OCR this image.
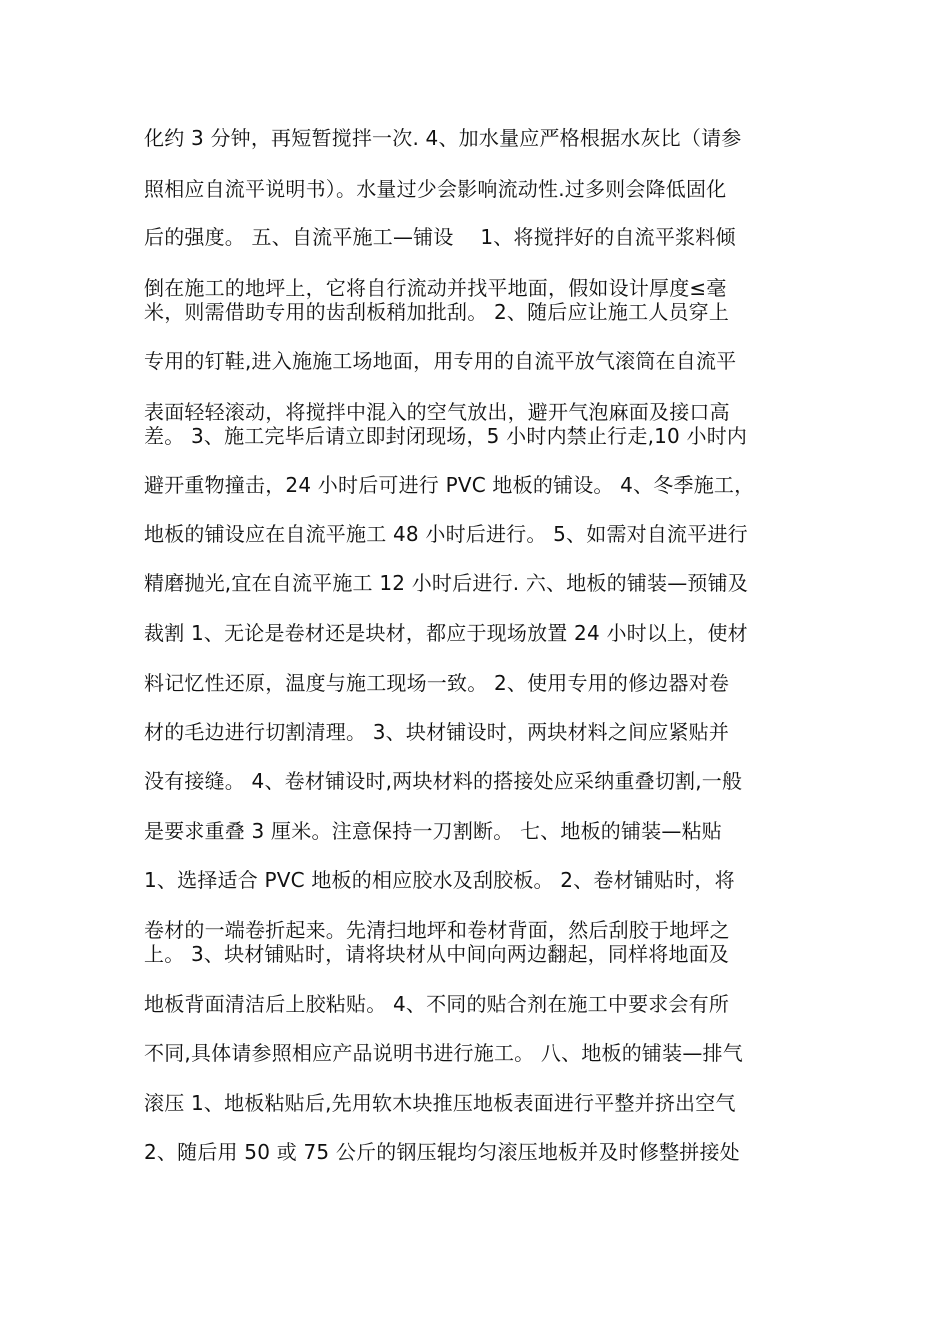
化约 3 分钟，再短暂搅拌一次. 4、加水量应严格根据水灰比（请参
照相应自流平说明书）。水量过少会影响流动性.过多则会降低固化
后的强度。 五、自流平施工—铺设　 1、将搅拌好的自流平浆料倾
倒在施工的地坪上，它将自行流动并找平地面，假如设计厚度≤毫
米，则需借助专用的齿刮板稍加批刮。 2、随后应让施工人员穿上
专用的钉鞋,进入施施工场地面，用专用的自流平放气滚筒在自流平
表面轻轻滚动，将搅拌中混入的空气放出，避开气泡麻面及接口高
差。 3、施工完毕后请立即封闭现场，5 小时内禁止行走,10 小时内
避开重物撞击，24 小时后可进行 PVC 地板的铺设。 4、冬季施工，
地板的铺设应在自流平施工 48 小时后进行。 5、如需对自流平进行
精磨抛光,宜在自流平施工 12 小时后进行. 六、地板的铺装—预铺及
裁割 1、无论是卷材还是块材，都应于现场放置 24 小时以上，使材
料记忆性还原，温度与施工现场一致。 2、使用专用的修边器对卷
材的毛边进行切割清理。 3、块材铺设时，两块材料之间应紧贴并
没有接缝。 4、卷材铺设时,两块材料的搭接处应采纳重叠切割,一般
是要求重叠 3 厘米。注意保持一刀割断。 七、地板的铺装—粘贴
1、选择适合 PVC 地板的相应胶水及刮胶板。 2、卷材铺贴时，将
卷材的一端卷折起来。先清扫地坪和卷材背面，然后刮胶于地坪之
上。 3、块材铺贴时，请将块材从中间向两边翻起，同样将地面及
地板背面清洁后上胶粘贴。 4、不同的贴合剂在施工中要求会有所
不同,具体请参照相应产品说明书进行施工。 八、地板的铺装—排气
滚压 1、地板粘贴后,先用软木块推压地板表面进行平整并挤出空气
2、随后用 50 或 75 公斤的钢压辊均匀滚压地板并及时修整拼接处
